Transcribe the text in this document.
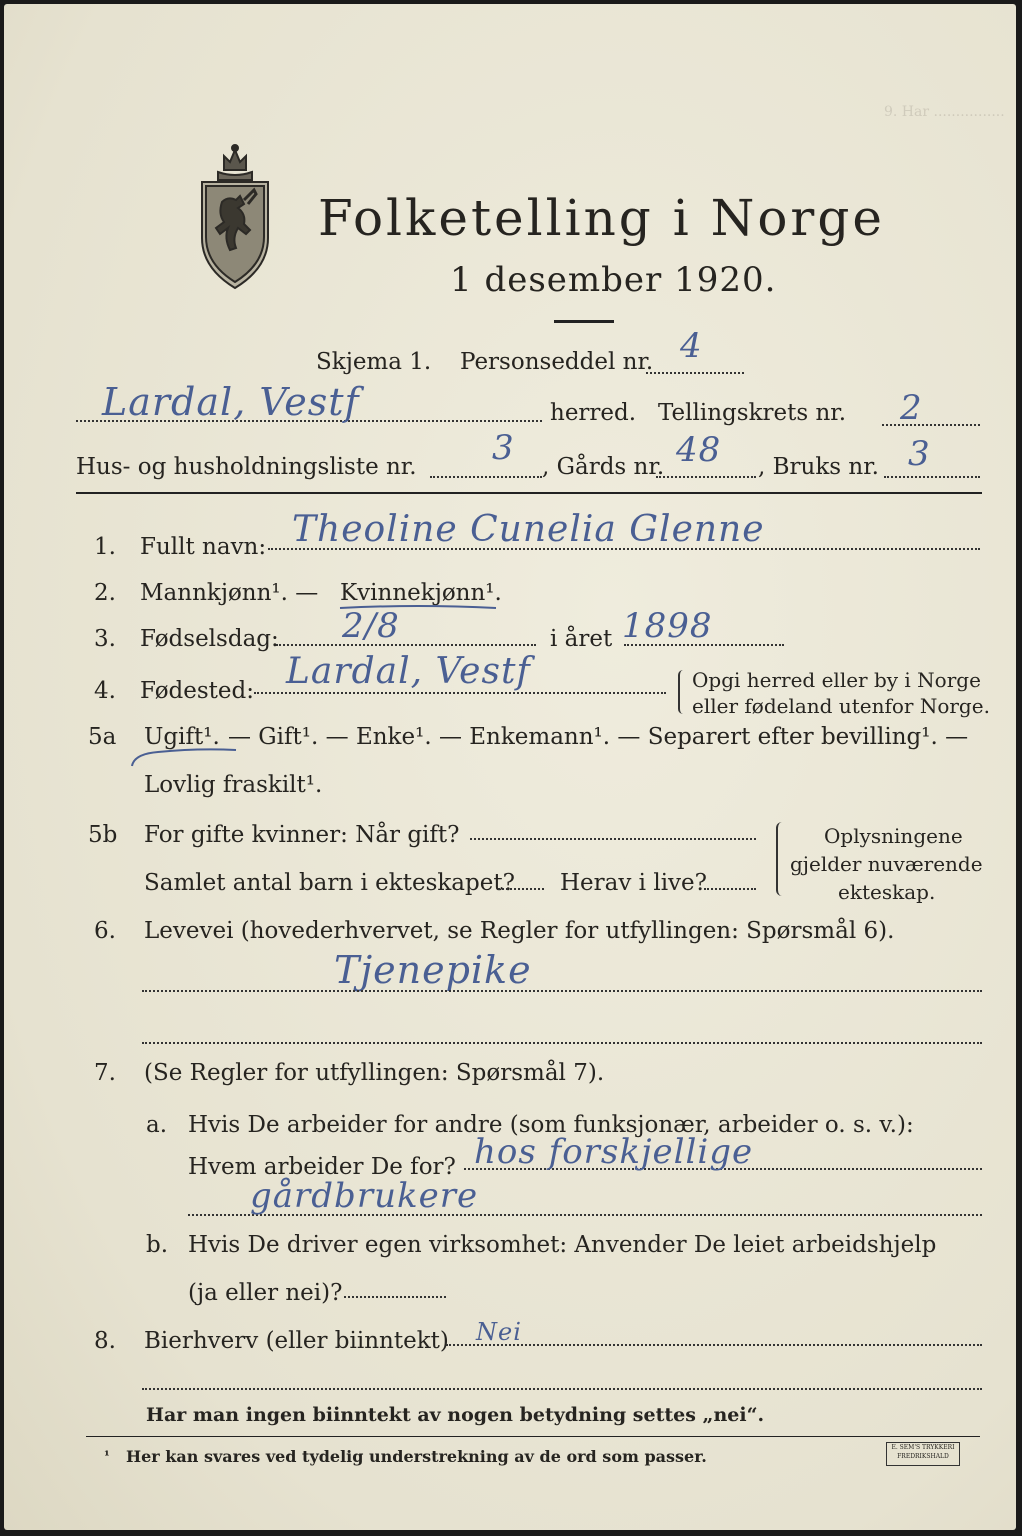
9. Har ................
Folketelling i Norge
1 desember 1920.
Skjema 1. Personseddel nr. 4
Lardal, Vestf	herred. Tellingskrets nr. 2
Hus- og husholdningsliste nr. 3 , Gårds nr. 48 , Bruks nr. 3
1. Fullt navn: Theoline Cunelia Glenne
2. Mannkjønn¹. — Kvinnekjønn¹.
3. Fødselsdag: 2/8	i året 1898
4. Fødested: Lardal, Vestf	Opgi herred eller by i Norge
eller fødeland utenfor Norge.
5a Ugift¹. — Gift¹. — Enke¹. — Enkemann¹. — Separert efter bevilling¹. —
Lovlig fraskilt¹.
5b For gifte kvinner: Når gift?
Samlet antal barn i ekteskapet? Herav i live?
Oplysningene
gjelder nuværende
ekteskap.
6. Levevei (hovederhvervet, se Regler for utfyllingen: Spørsmål 6).
Tjenepike
7. (Se Regler for utfyllingen: Spørsmål 7).
a. Hvis De arbeider for andre (som funksjonær, arbeider o. s. v.):
Hvem arbeider De for? hos forskjellige
gårdbrukere
b. Hvis De driver egen virksomhet: Anvender De leiet arbeidshjelp
(ja eller nei)?
8. Bierhverv (eller biinntekt) Nei
Har man ingen biinntekt av nogen betydning settes „nei“.
¹ Her kan svares ved tydelig understrekning av de ord som passer.	E. SEM'S TRYKKERI
FREDRIKSHALD
